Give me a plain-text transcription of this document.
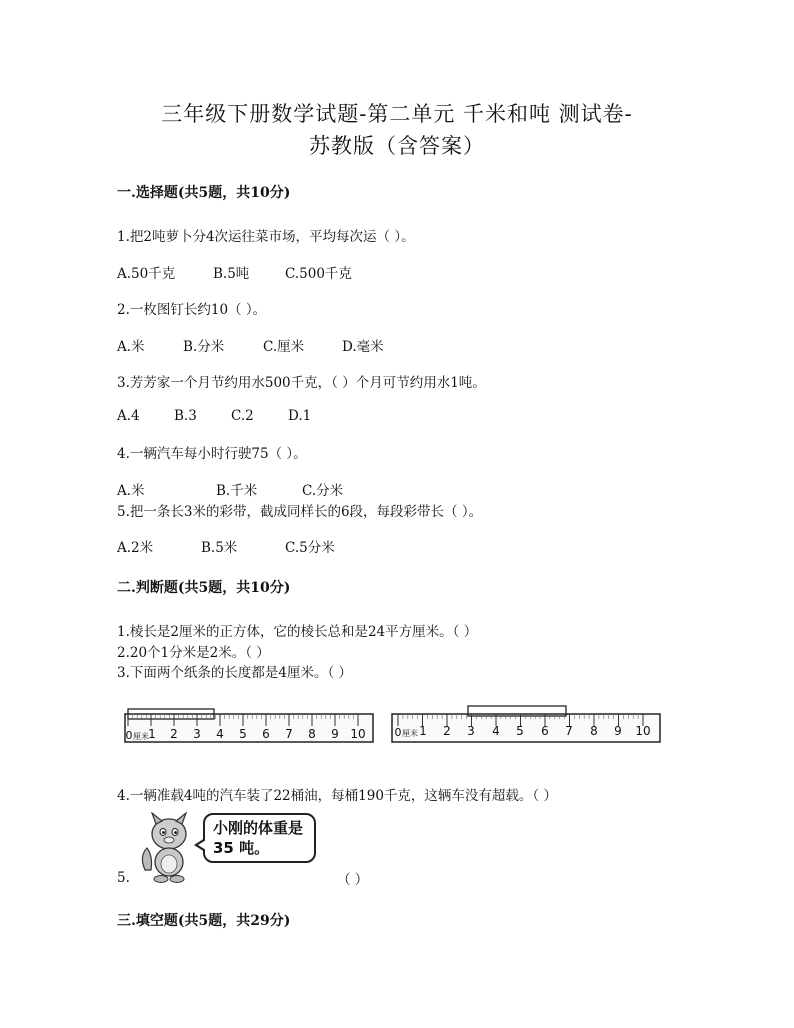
三年级下册数学试题-第二单元 千米和吨 测试卷-
苏教版（含答案）
一.选择题(共5题，共10分)
1.把2吨萝卜分4次运往菜市场，平均每次运（ ）。
A.50千克	B.5吨	C.500千克
2.一枚图钉长约10（ ）。
A.米	B.分米	C.厘米	D.毫米
3.芳芳家一个月节约用水500千克，（ ）个月可节约用水1吨。
A.4	B.3	C.2	D.1
4.一辆汽车每小时行驶75（ ）。
A.米	B.千米	C.分米
5.把一条长3米的彩带，截成同样长的6段，每段彩带长（ ）。
A.2米	B.5米	C.5分米
二.判断题(共5题，共10分)
1.棱长是2厘米的正方体，它的棱长总和是24平方厘米。（ ）
2.20个1分米是2米。（ ）
3.下面两个纸条的长度都是4厘米。（ ）
0 厘米 1 2 3 4 5 6 7 8 9 10	0 厘米 1 2 3 4 5 6 7 8 9 10
4.一辆准载4吨的汽车装了22桶油，每桶190千克，这辆车没有超载。（ ）
小刚的体重是
35 吨。
5.	（ ）
三.填空题(共5题，共29分)
